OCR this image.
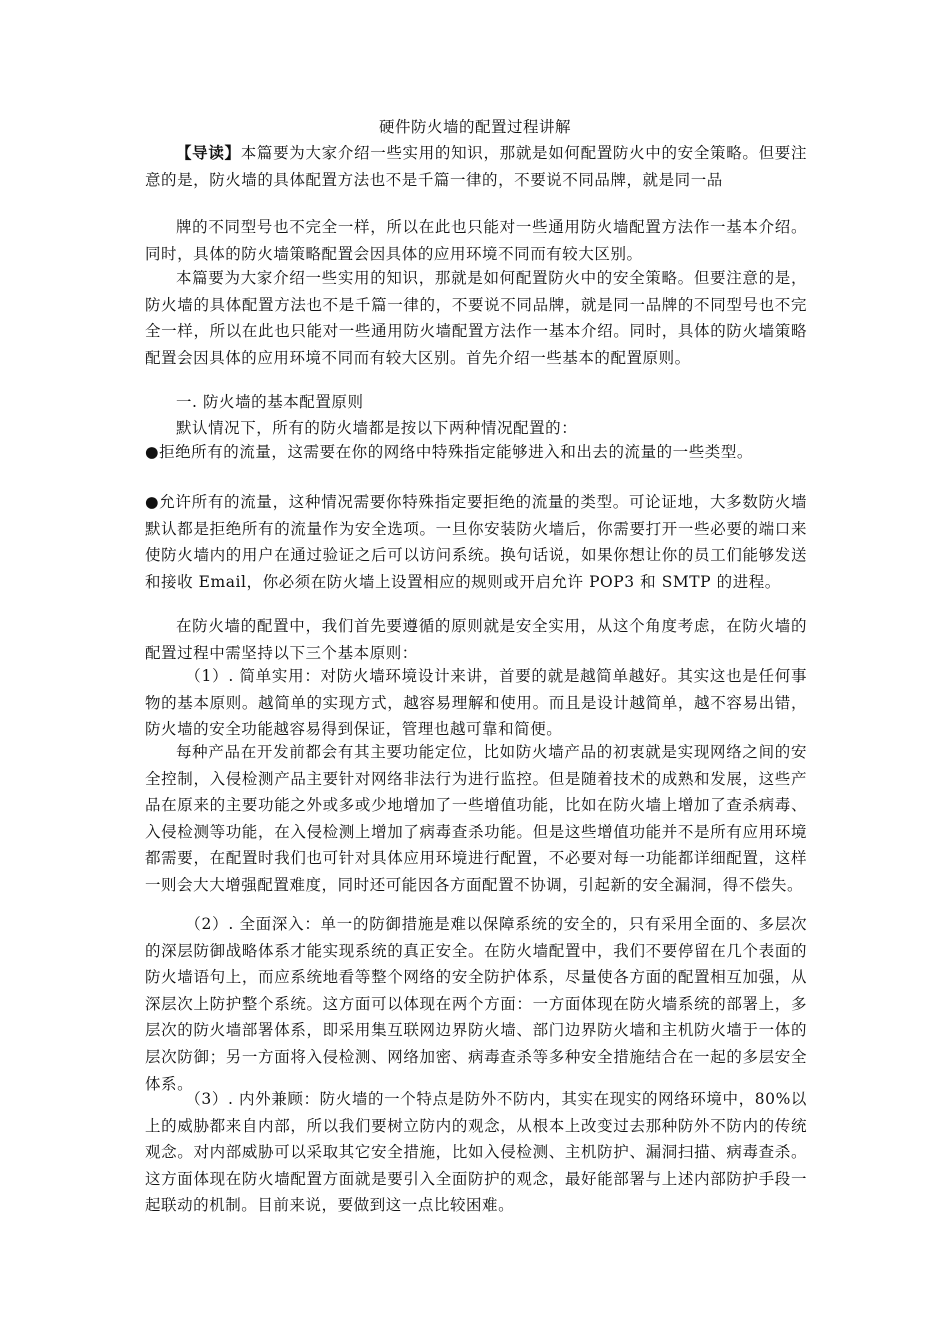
硬件防火墙的配置过程讲解

【导读】本篇要为大家介绍一些实用的知识，那就是如何配置防火中的安全策略。但要注意的是，防火墙的具体配置方法也不是千篇一律的，不要说不同品牌，就是同一品

牌的不同型号也不完全一样，所以在此也只能对一些通用防火墙配置方法作一基本介绍。同时，具体的防火墙策略配置会因具体的应用环境不同而有较大区别。

本篇要为大家介绍一些实用的知识，那就是如何配置防火中的安全策略。但要注意的是，防火墙的具体配置方法也不是千篇一律的，不要说不同品牌，就是同一品牌的不同型号也不完全一样，所以在此也只能对一些通用防火墙配置方法作一基本介绍。同时，具体的防火墙策略配置会因具体的应用环境不同而有较大区别。首先介绍一些基本的配置原则。

一. 防火墙的基本配置原则

默认情况下，所有的防火墙都是按以下两种情况配置的：

●拒绝所有的流量，这需要在你的网络中特殊指定能够进入和出去的流量的一些类型。

●允许所有的流量，这种情况需要你特殊指定要拒绝的流量的类型。可论证地，大多数防火墙默认都是拒绝所有的流量作为安全选项。一旦你安装防火墙后，你需要打开一些必要的端口来使防火墙内的用户在通过验证之后可以访问系统。换句话说，如果你想让你的员工们能够发送和接收 Email，你必须在防火墙上设置相应的规则或开启允许 POP3 和 SMTP 的进程。

在防火墙的配置中，我们首先要遵循的原则就是安全实用，从这个角度考虑，在防火墙的配置过程中需坚持以下三个基本原则：

（1）. 简单实用：对防火墙环境设计来讲，首要的就是越简单越好。其实这也是任何事物的基本原则。越简单的实现方式，越容易理解和使用。而且是设计越简单，越不容易出错，防火墙的安全功能越容易得到保证，管理也越可靠和简便。

每种产品在开发前都会有其主要功能定位，比如防火墙产品的初衷就是实现网络之间的安全控制，入侵检测产品主要针对网络非法行为进行监控。但是随着技术的成熟和发展，这些产品在原来的主要功能之外或多或少地增加了一些增值功能，比如在防火墙上增加了查杀病毒、入侵检测等功能，在入侵检测上增加了病毒查杀功能。但是这些增值功能并不是所有应用环境都需要，在配置时我们也可针对具体应用环境进行配置，不必要对每一功能都详细配置，这样一则会大大增强配置难度，同时还可能因各方面配置不协调，引起新的安全漏洞，得不偿失。

（2）. 全面深入：单一的防御措施是难以保障系统的安全的，只有采用全面的、多层次的深层防御战略体系才能实现系统的真正安全。在防火墙配置中，我们不要停留在几个表面的防火墙语句上，而应系统地看等整个网络的安全防护体系，尽量使各方面的配置相互加强，从深层次上防护整个系统。这方面可以体现在两个方面：一方面体现在防火墙系统的部署上，多层次的防火墙部署体系，即采用集互联网边界防火墙、部门边界防火墙和主机防火墙于一体的层次防御；另一方面将入侵检测、网络加密、病毒查杀等多种安全措施结合在一起的多层安全体系。

（3）. 内外兼顾：防火墙的一个特点是防外不防内，其实在现实的网络环境中，80%以上的威胁都来自内部，所以我们要树立防内的观念，从根本上改变过去那种防外不防内的传统观念。对内部威胁可以采取其它安全措施，比如入侵检测、主机防护、漏洞扫描、病毒查杀。这方面体现在防火墙配置方面就是要引入全面防护的观念，最好能部署与上述内部防护手段一起联动的机制。目前来说，要做到这一点比较困难。
